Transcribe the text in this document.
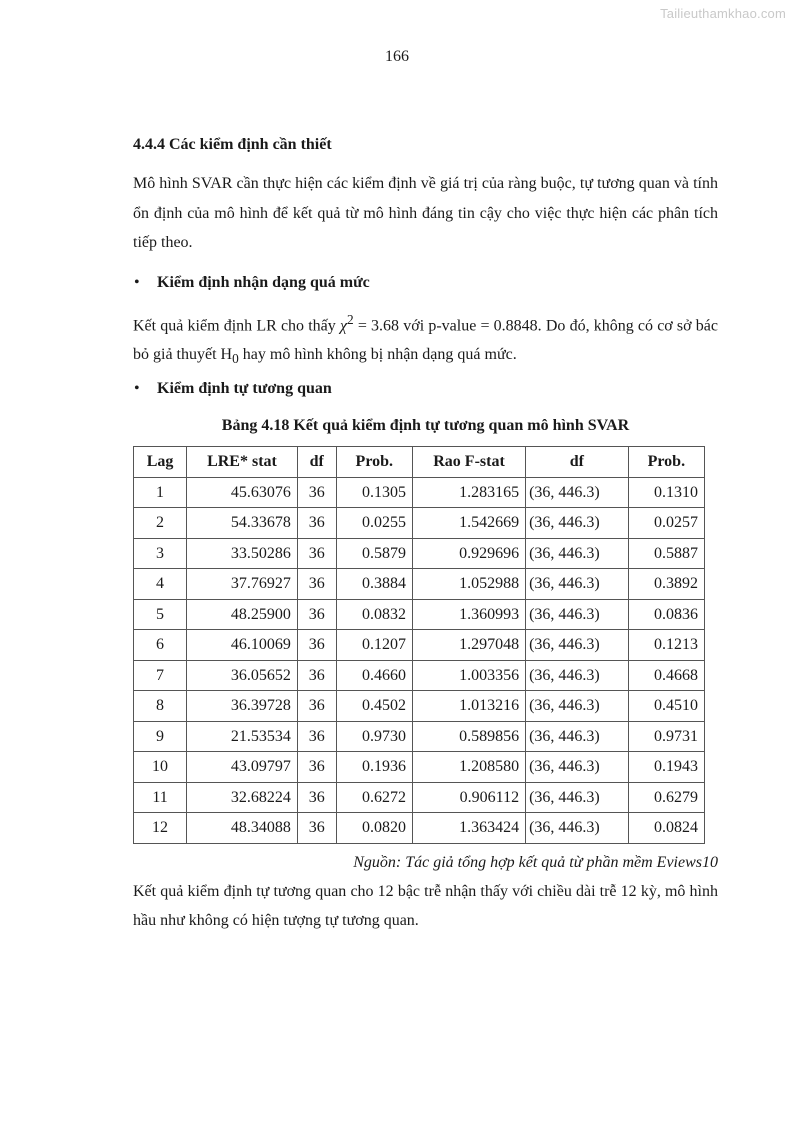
Tailieuthamkhao.com
166
4.4.4 Các kiểm định cần thiết

Mô hình SVAR cần thực hiện các kiểm định về giá trị của ràng buộc, tự tương quan và tính ổn định của mô hình để kết quả từ mô hình đáng tin cậy cho việc thực hiện các phân tích tiếp theo.

• Kiểm định nhận dạng quá mức

Kết quả kiểm định LR cho thấy $\chi^2 = 3.68$ với p-value = 0.8848. Do đó, không có cơ sở bác bỏ giả thuyết $H_0$ hay mô hình không bị nhận dạng quá mức.

• Kiểm định tự tương quan
Bảng 4.18 Kết quả kiểm định tự tương quan mô hình SVAR
Lag	LRE* stat	df	Prob.	Rao F-stat	df	Prob.
1	45.63076	36	0.1305	1.283165	(36, 446.3)	0.1310
2	54.33678	36	0.0255	1.542669	(36, 446.3)	0.0257
3	33.50286	36	0.5879	0.929696	(36, 446.3)	0.5887
4	37.76927	36	0.3884	1.052988	(36, 446.3)	0.3892
5	48.25900	36	0.0832	1.360993	(36, 446.3)	0.0836
6	46.10069	36	0.1207	1.297048	(36, 446.3)	0.1213
7	36.05652	36	0.4660	1.003356	(36, 446.3)	0.4668
8	36.39728	36	0.4502	1.013216	(36, 446.3)	0.4510
9	21.53534	36	0.9730	0.589856	(36, 446.3)	0.9731
10	43.09797	36	0.1936	1.208580	(36, 446.3)	0.1943
11	32.68224	36	0.6272	0.906112	(36, 446.3)	0.6279
12	48.34088	36	0.0820	1.363424	(36, 446.3)	0.0824
Nguồn: Tác giả tổng hợp kết quả từ phần mềm Eviews10

Kết quả kiểm định tự tương quan cho 12 bậc trễ nhận thấy với chiều dài trễ 12 kỳ, mô hình hầu như không có hiện tượng tự tương quan.
